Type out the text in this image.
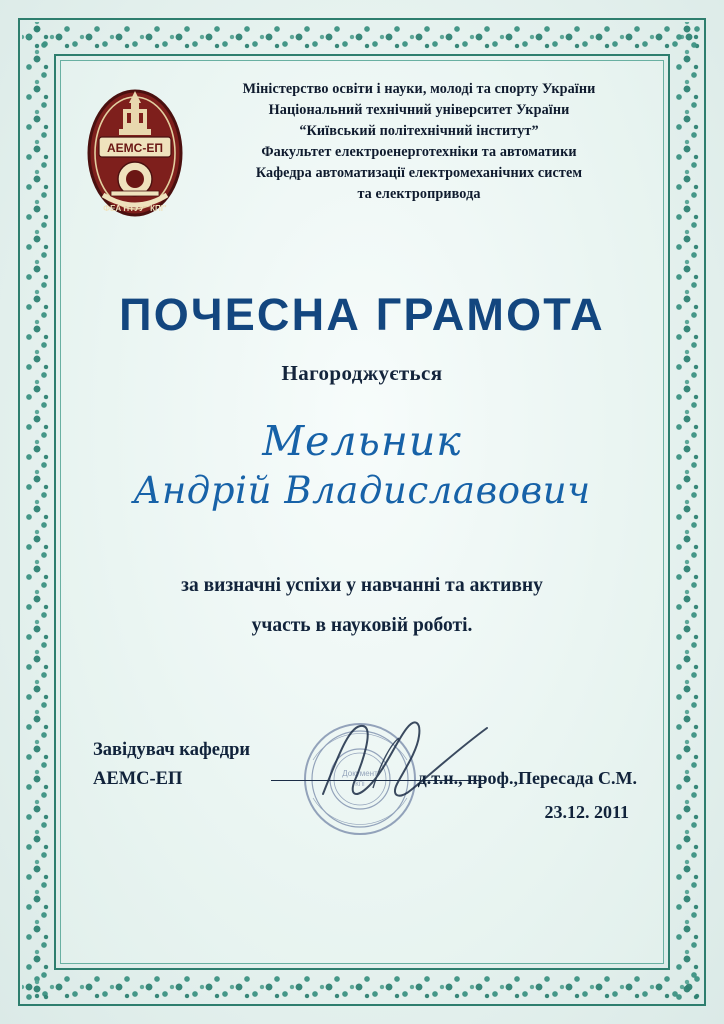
АЕМС-ЕП
ФЕА НТУУ "КПІ"
Міністерство освіти і науки, молоді та спорту України
Національний технічний університет України
“Київський політехнічний інститут”
Факультет електроенерготехніки та автоматики
Кафедра автоматизації електромеханічних систем
та електропривода
ПОЧЕСНА ГРАМОТА
Нагороджується
Мельник
Андрій Владиславович
за визначні успіхи у навчанні та активну
участь в науковій роботі.
Завідувач кафедри
АЕМС-ЕП	Документ
КПІ	д.т.н., проф.,Пересада С.М.
23.12. 2011
